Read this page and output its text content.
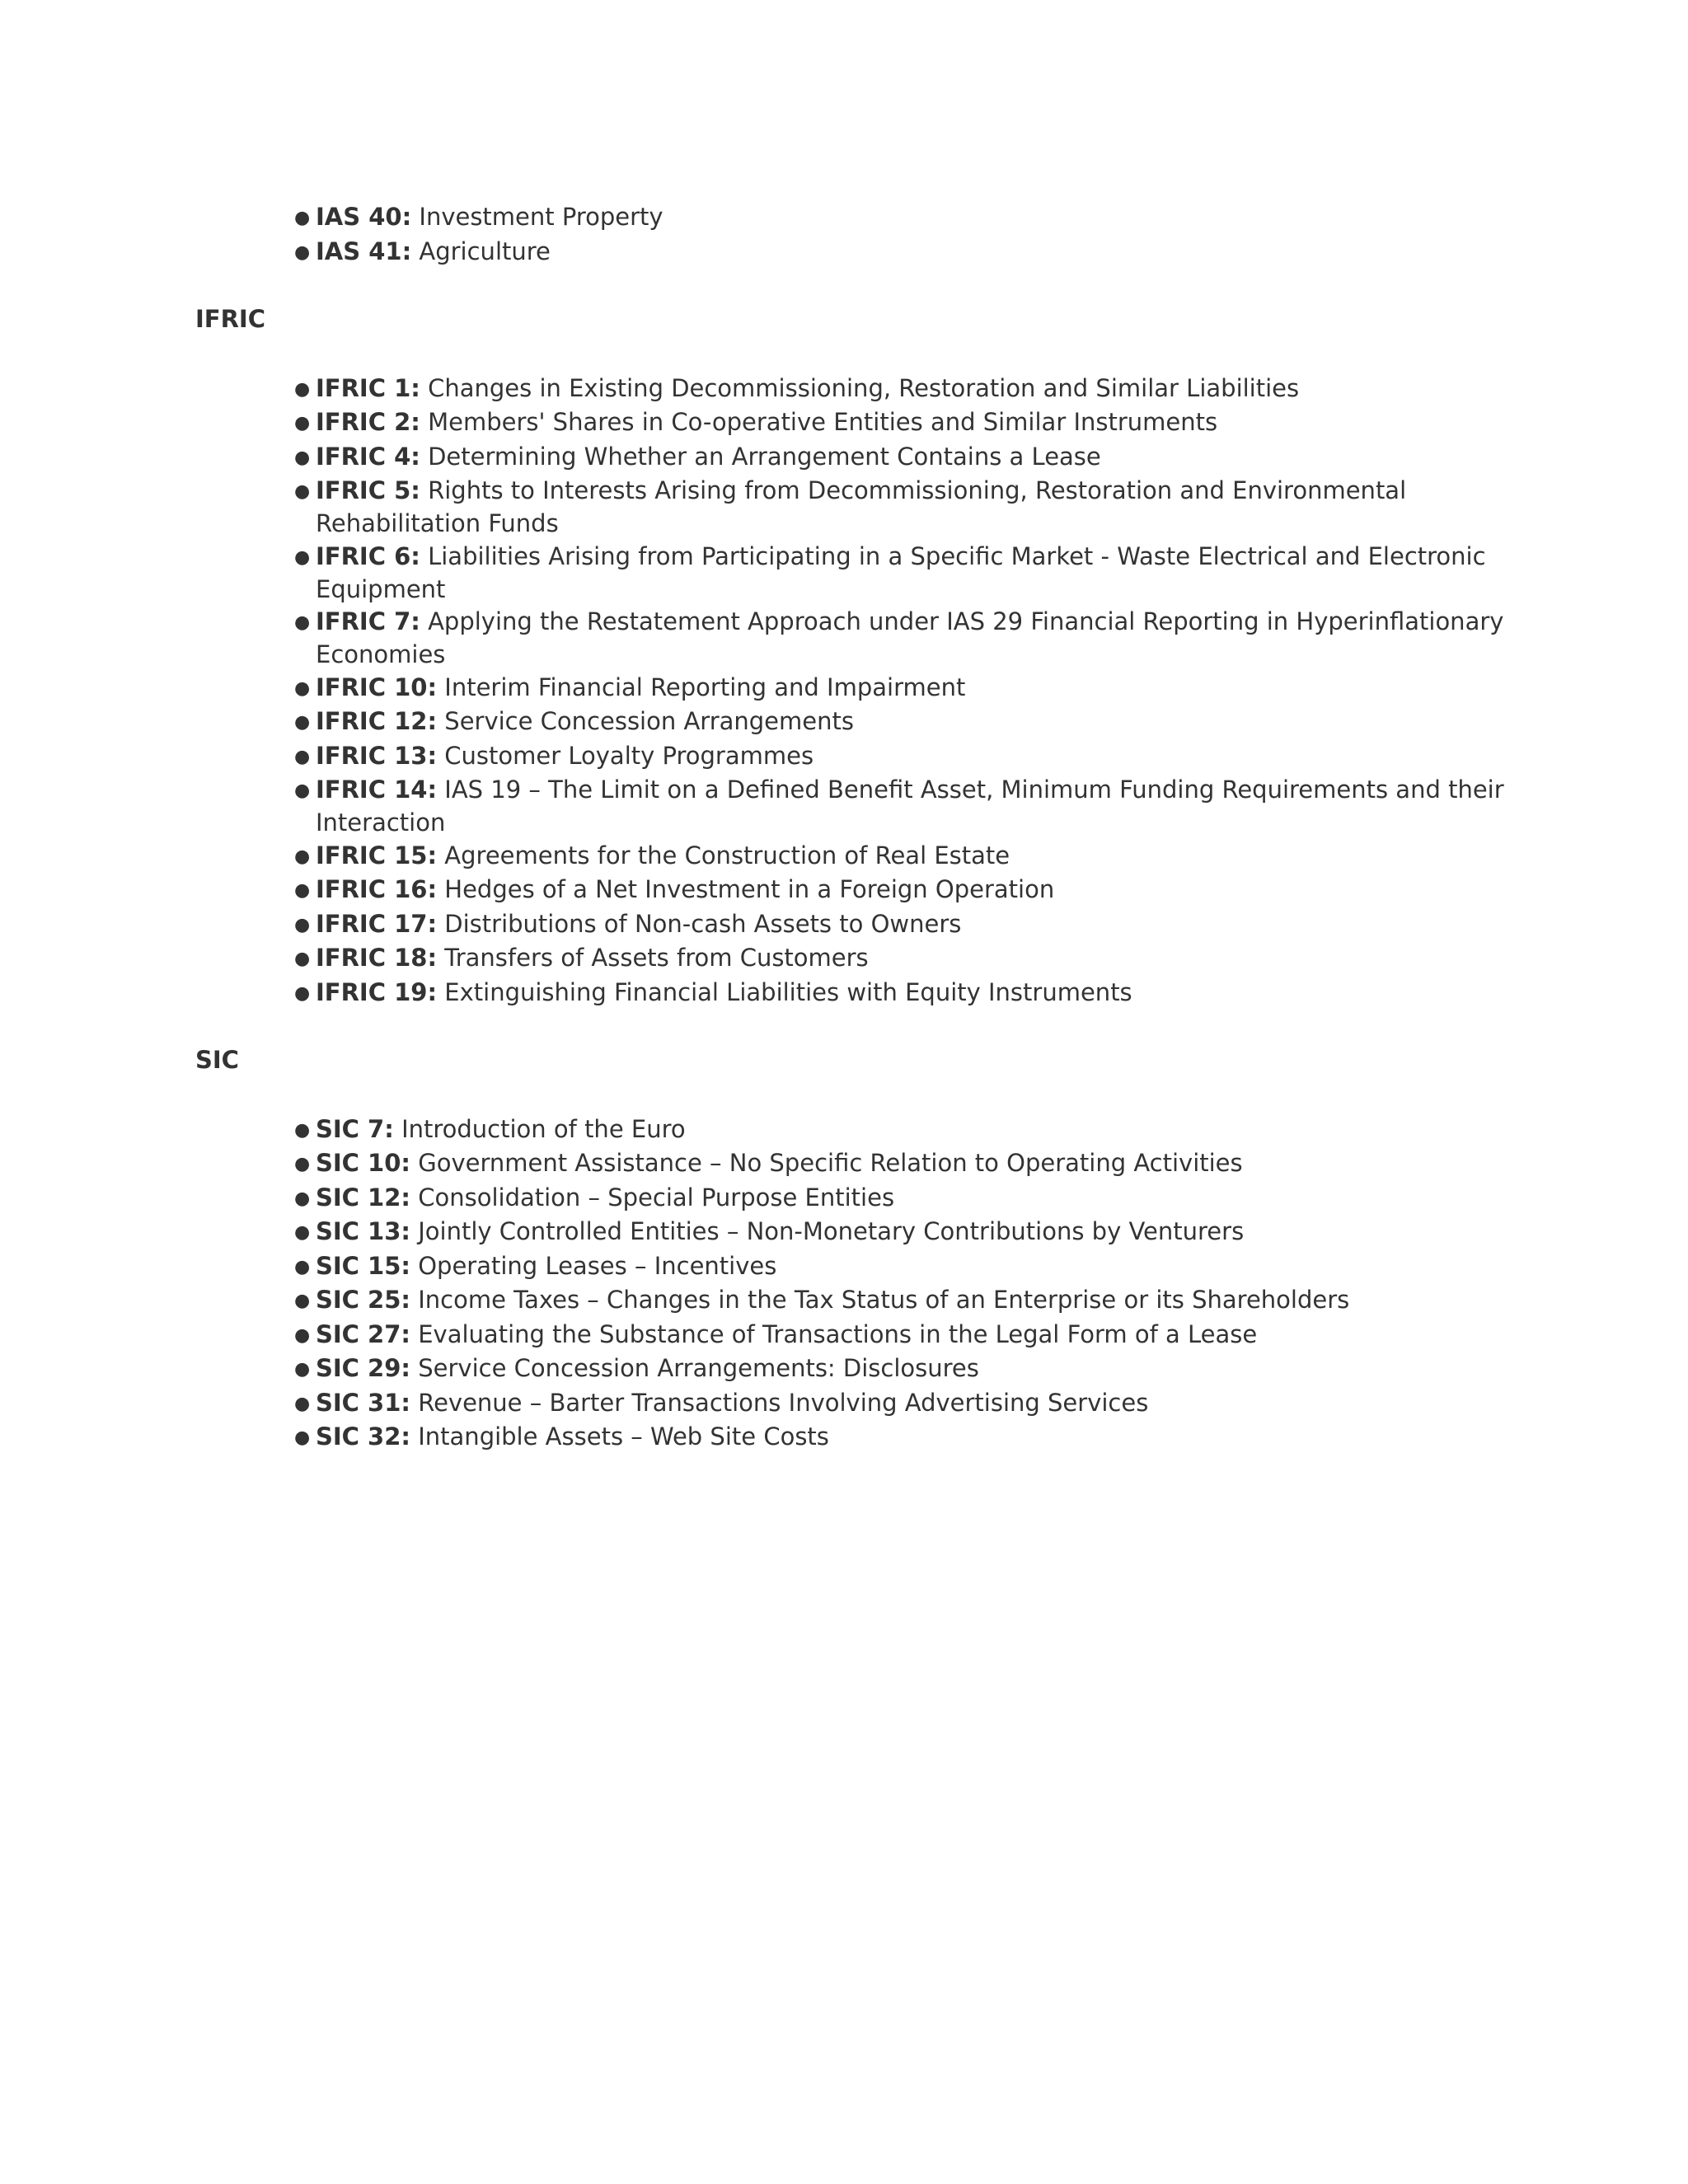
● IAS 40: Investment Property
● IAS 41: Agriculture

IFRIC

● IFRIC 1: Changes in Existing Decommissioning, Restoration and Similar Liabilities
● IFRIC 2: Members' Shares in Co-operative Entities and Similar Instruments
● IFRIC 4: Determining Whether an Arrangement Contains a Lease
● IFRIC 5: Rights to Interests Arising from Decommissioning, Restoration and Environmental Rehabilitation Funds
● IFRIC 6: Liabilities Arising from Participating in a Specific Market - Waste Electrical and Electronic Equipment
● IFRIC 7: Applying the Restatement Approach under IAS 29 Financial Reporting in Hyperinflationary Economies
● IFRIC 10: Interim Financial Reporting and Impairment
● IFRIC 12: Service Concession Arrangements
● IFRIC 13: Customer Loyalty Programmes
● IFRIC 14: IAS 19 – The Limit on a Defined Benefit Asset, Minimum Funding Requirements and their Interaction
● IFRIC 15: Agreements for the Construction of Real Estate
● IFRIC 16: Hedges of a Net Investment in a Foreign Operation
● IFRIC 17: Distributions of Non-cash Assets to Owners
● IFRIC 18: Transfers of Assets from Customers
● IFRIC 19: Extinguishing Financial Liabilities with Equity Instruments

SIC

● SIC 7: Introduction of the Euro
● SIC 10: Government Assistance – No Specific Relation to Operating Activities
● SIC 12: Consolidation – Special Purpose Entities
● SIC 13: Jointly Controlled Entities – Non-Monetary Contributions by Venturers
● SIC 15: Operating Leases – Incentives
● SIC 25: Income Taxes – Changes in the Tax Status of an Enterprise or its Shareholders
● SIC 27: Evaluating the Substance of Transactions in the Legal Form of a Lease
● SIC 29: Service Concession Arrangements: Disclosures
● SIC 31: Revenue – Barter Transactions Involving Advertising Services
● SIC 32: Intangible Assets – Web Site Costs
